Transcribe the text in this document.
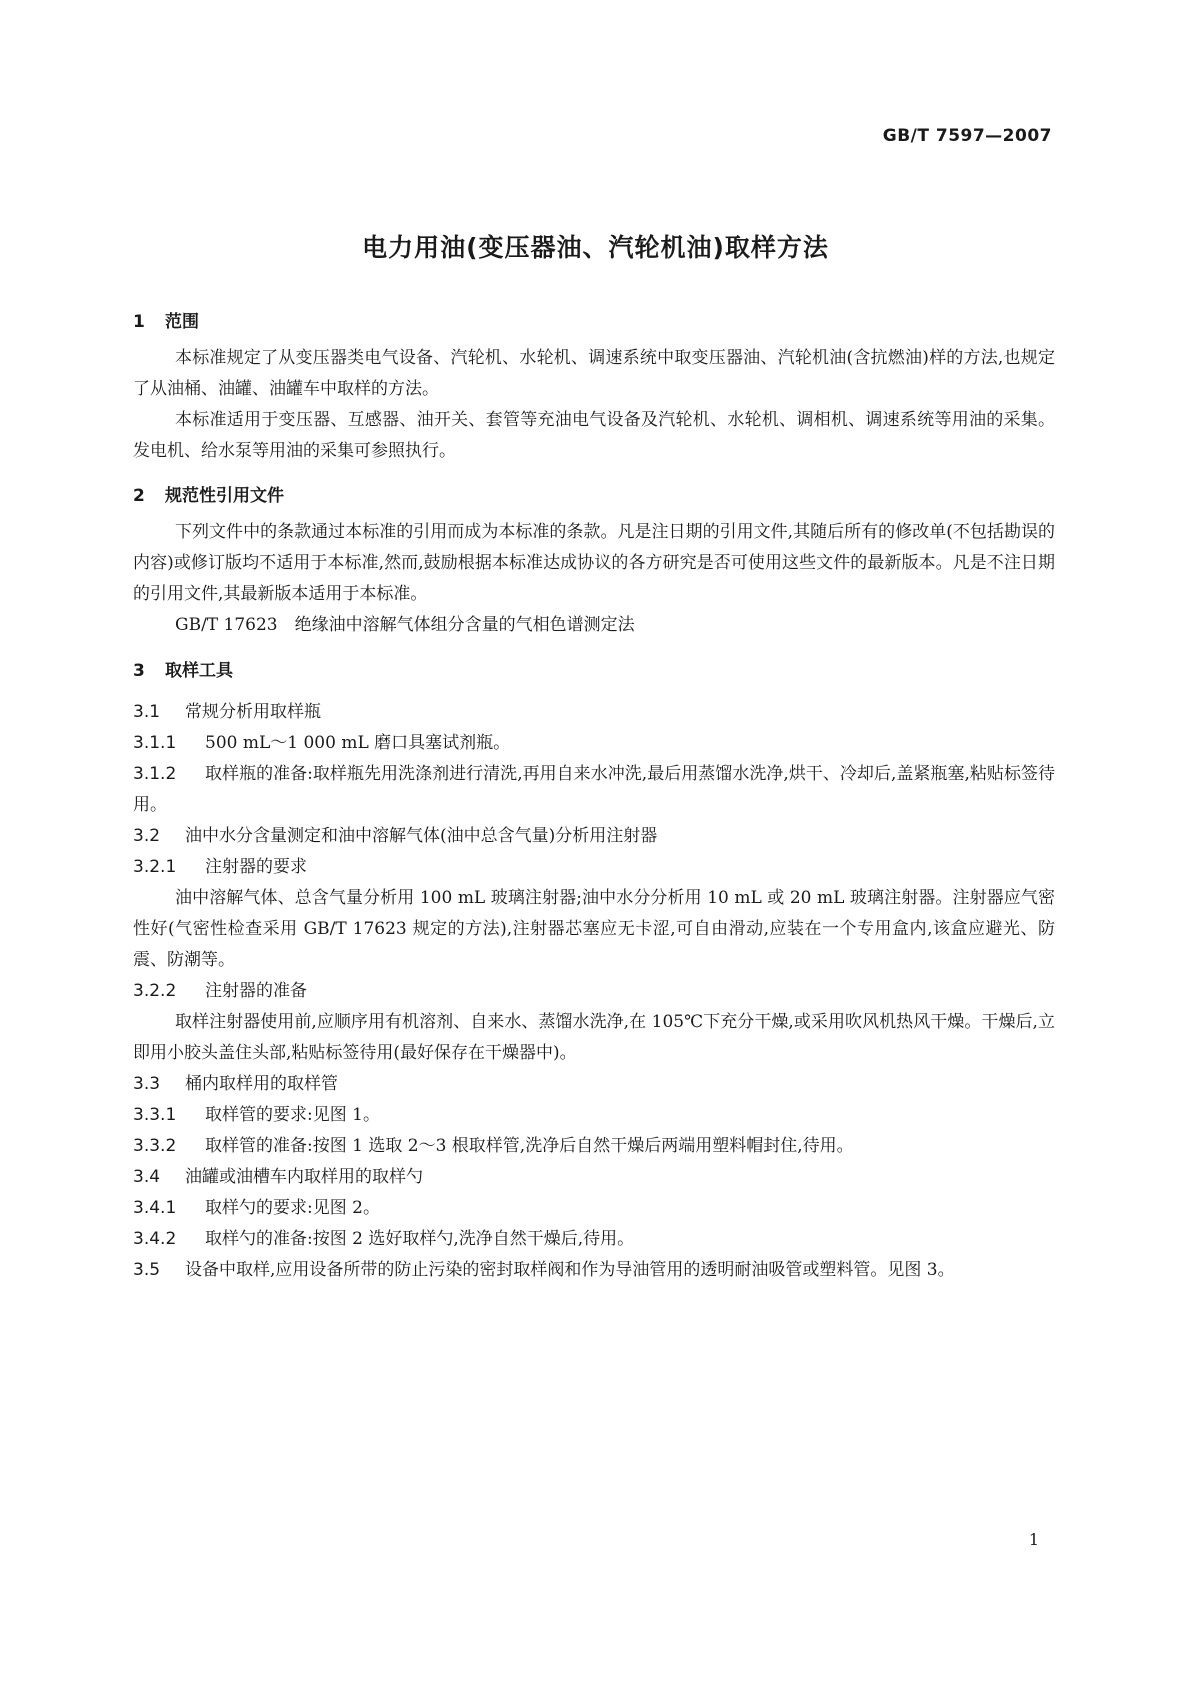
GB/T 7597—2007
电力用油(变压器油、汽轮机油)取样方法
1 范围

本标准规定了从变压器类电气设备、汽轮机、水轮机、调速系统中取变压器油、汽轮机油(含抗燃油)样的方法,也规定了从油桶、油罐、油罐车中取样的方法。

本标准适用于变压器、互感器、油开关、套管等充油电气设备及汽轮机、水轮机、调相机、调速系统等用油的采集。发电机、给水泵等用油的采集可参照执行。

2 规范性引用文件

下列文件中的条款通过本标准的引用而成为本标准的条款。凡是注日期的引用文件,其随后所有的修改单(不包括勘误的内容)或修订版均不适用于本标准,然而,鼓励根据本标准达成协议的各方研究是否可使用这些文件的最新版本。凡是不注日期的引用文件,其最新版本适用于本标准。

GB/T 17623　绝缘油中溶解气体组分含量的气相色谱测定法

3 取样工具
3.1 常规分析用取样瓶
3.1.1 500 mL～1 000 mL 磨口具塞试剂瓶。

3.1.2 取样瓶的准备:取样瓶先用洗涤剂进行清洗,再用自来水冲洗,最后用蒸馏水洗净,烘干、冷却后,盖紧瓶塞,粘贴标签待用。

3.2 油中水分含量测定和油中溶解气体(油中总含气量)分析用注射器
3.2.1 注射器的要求

油中溶解气体、总含气量分析用 100 mL 玻璃注射器;油中水分分析用 10 mL 或 20 mL 玻璃注射器。注射器应气密性好(气密性检查采用 GB/T 17623 规定的方法),注射器芯塞应无卡涩,可自由滑动,应装在一个专用盒内,该盒应避光、防震、防潮等。

3.2.2 注射器的准备

取样注射器使用前,应顺序用有机溶剂、自来水、蒸馏水洗净,在 105℃下充分干燥,或采用吹风机热风干燥。干燥后,立即用小胶头盖住头部,粘贴标签待用(最好保存在干燥器中)。

3.3 桶内取样用的取样管
3.3.1 取样管的要求:见图 1。
3.3.2 取样管的准备:按图 1 选取 2～3 根取样管,洗净后自然干燥后两端用塑料帽封住,待用。
3.4 油罐或油槽车内取样用的取样勺
3.4.1 取样勺的要求:见图 2。
3.4.2 取样勺的准备:按图 2 选好取样勺,洗净自然干燥后,待用。

3.5 设备中取样,应用设备所带的防止污染的密封取样阀和作为导油管用的透明耐油吸管或塑料管。见图 3。

1
